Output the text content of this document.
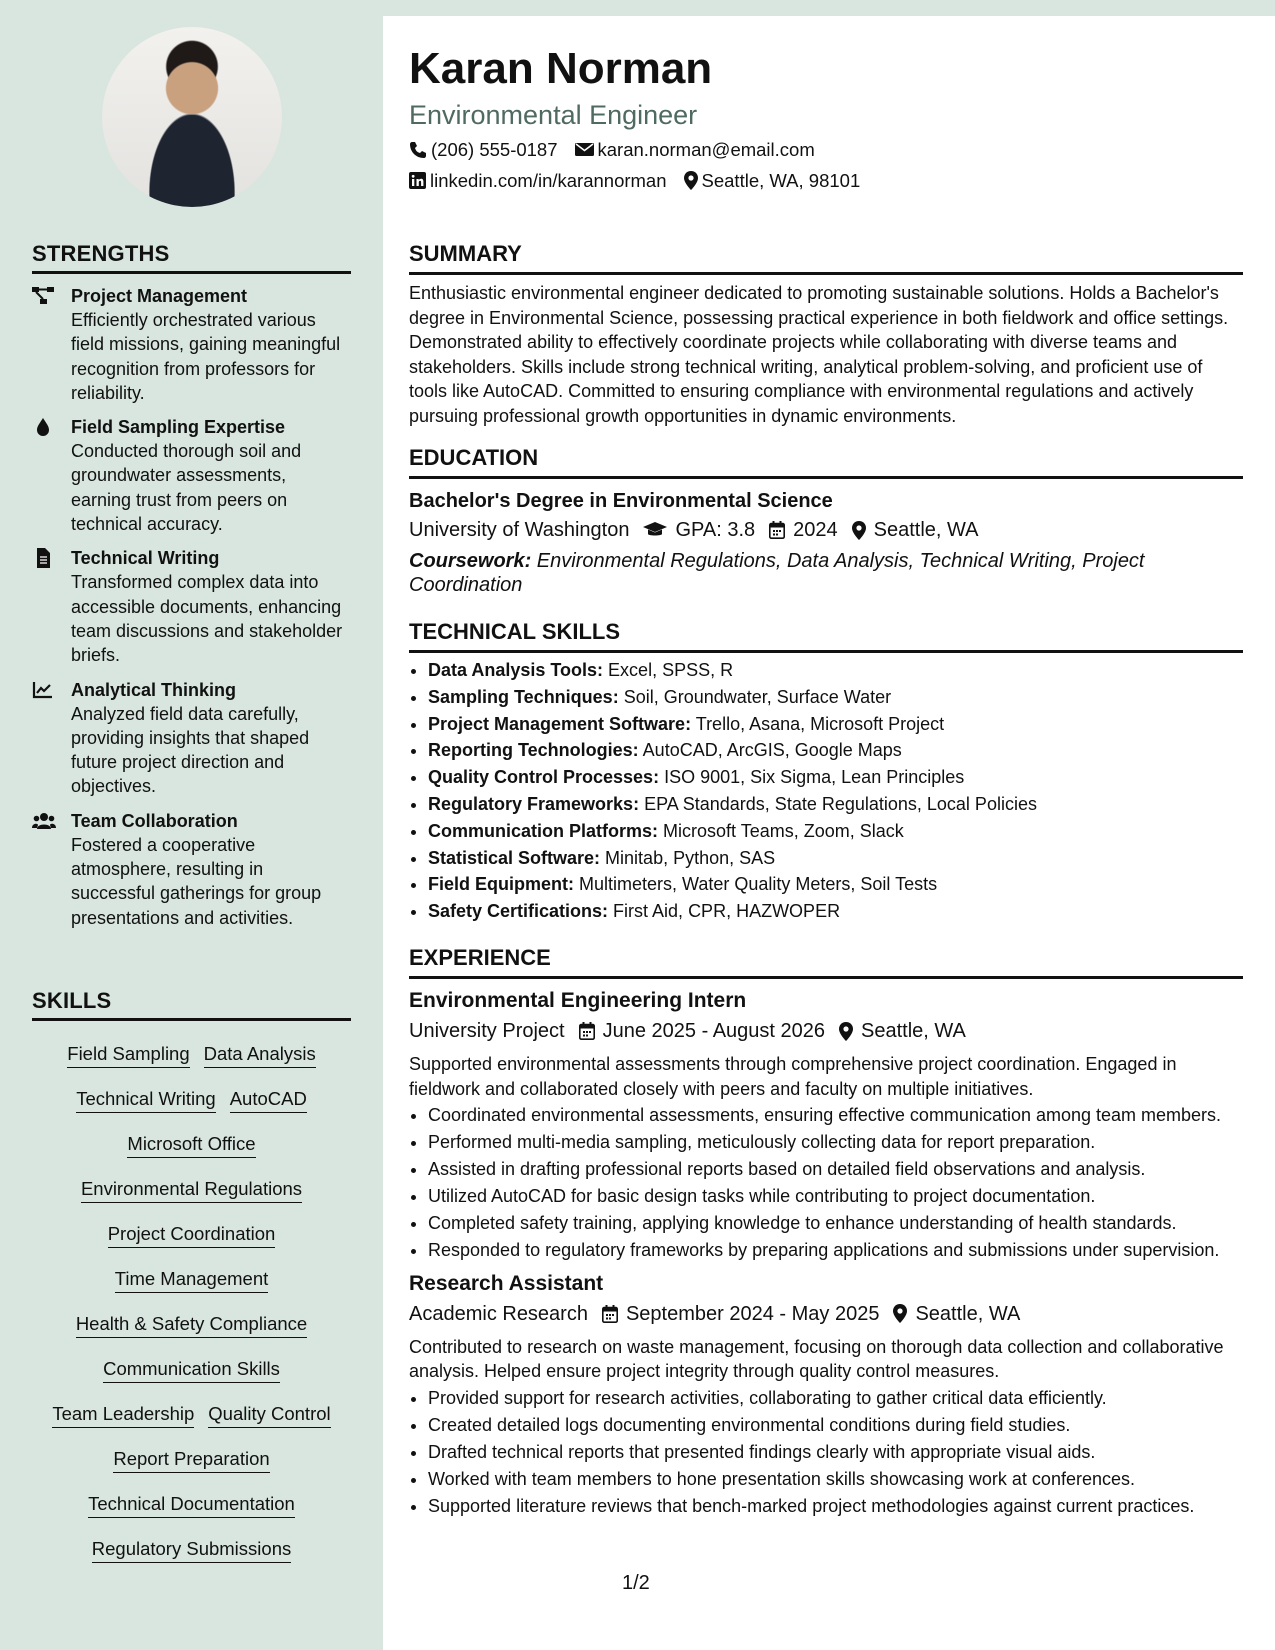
STRENGTHS
Project Management
Efficiently orchestrated various field missions, gaining meaningful recognition from professors for reliability.
Field Sampling Expertise
Conducted thorough soil and groundwater assessments, earning trust from peers on technical accuracy.
Technical Writing
Transformed complex data into accessible documents, enhancing team discussions and stakeholder briefs.
Analytical Thinking
Analyzed field data carefully, providing insights that shaped future project direction and objectives.
Team Collaboration
Fostered a cooperative atmosphere, resulting in successful gatherings for group presentations and activities.
SKILLS
Field Sampling Data Analysis
Technical Writing AutoCAD
Microsoft Office
Environmental Regulations
Project Coordination
Time Management
Health & Safety Compliance
Communication Skills
Team Leadership Quality Control
Report Preparation
Technical Documentation
Regulatory Submissions
Karan Norman
Environmental Engineer
(206) 555-0187 karan.norman@email.com
linkedin.com/in/karannorman Seattle, WA, 98101
SUMMARY
Enthusiastic environmental engineer dedicated to promoting sustainable solutions. Holds a Bachelor's degree in Environmental Science, possessing practical experience in both fieldwork and office settings. Demonstrated ability to effectively coordinate projects while collaborating with diverse teams and stakeholders. Skills include strong technical writing, analytical problem-solving, and proficient use of tools like AutoCAD. Committed to ensuring compliance with environmental regulations and actively pursuing professional growth opportunities in dynamic environments.
EDUCATION
Bachelor's Degree in Environmental Science
University of Washington GPA: 3.8 2024 Seattle, WA
Coursework: Environmental Regulations, Data Analysis, Technical Writing, Project Coordination
TECHNICAL SKILLS
• Data Analysis Tools: Excel, SPSS, R
• Sampling Techniques: Soil, Groundwater, Surface Water
• Project Management Software: Trello, Asana, Microsoft Project
• Reporting Technologies: AutoCAD, ArcGIS, Google Maps
• Quality Control Processes: ISO 9001, Six Sigma, Lean Principles
• Regulatory Frameworks: EPA Standards, State Regulations, Local Policies
• Communication Platforms: Microsoft Teams, Zoom, Slack
• Statistical Software: Minitab, Python, SAS
• Field Equipment: Multimeters, Water Quality Meters, Soil Tests
• Safety Certifications: First Aid, CPR, HAZWOPER
EXPERIENCE
Environmental Engineering Intern
University Project June 2025 - August 2026 Seattle, WA
Supported environmental assessments through comprehensive project coordination. Engaged in fieldwork and collaborated closely with peers and faculty on multiple initiatives.
• Coordinated environmental assessments, ensuring effective communication among team members.
• Performed multi-media sampling, meticulously collecting data for report preparation.
• Assisted in drafting professional reports based on detailed field observations and analysis.
• Utilized AutoCAD for basic design tasks while contributing to project documentation.
• Completed safety training, applying knowledge to enhance understanding of health standards.
• Responded to regulatory frameworks by preparing applications and submissions under supervision.
Research Assistant
Academic Research September 2024 - May 2025 Seattle, WA
Contributed to research on waste management, focusing on thorough data collection and collaborative analysis. Helped ensure project integrity through quality control measures.
• Provided support for research activities, collaborating to gather critical data efficiently.
• Created detailed logs documenting environmental conditions during field studies.
• Drafted technical reports that presented findings clearly with appropriate visual aids.
• Worked with team members to hone presentation skills showcasing work at conferences.
• Supported literature reviews that bench-marked project methodologies against current practices.
1/2
